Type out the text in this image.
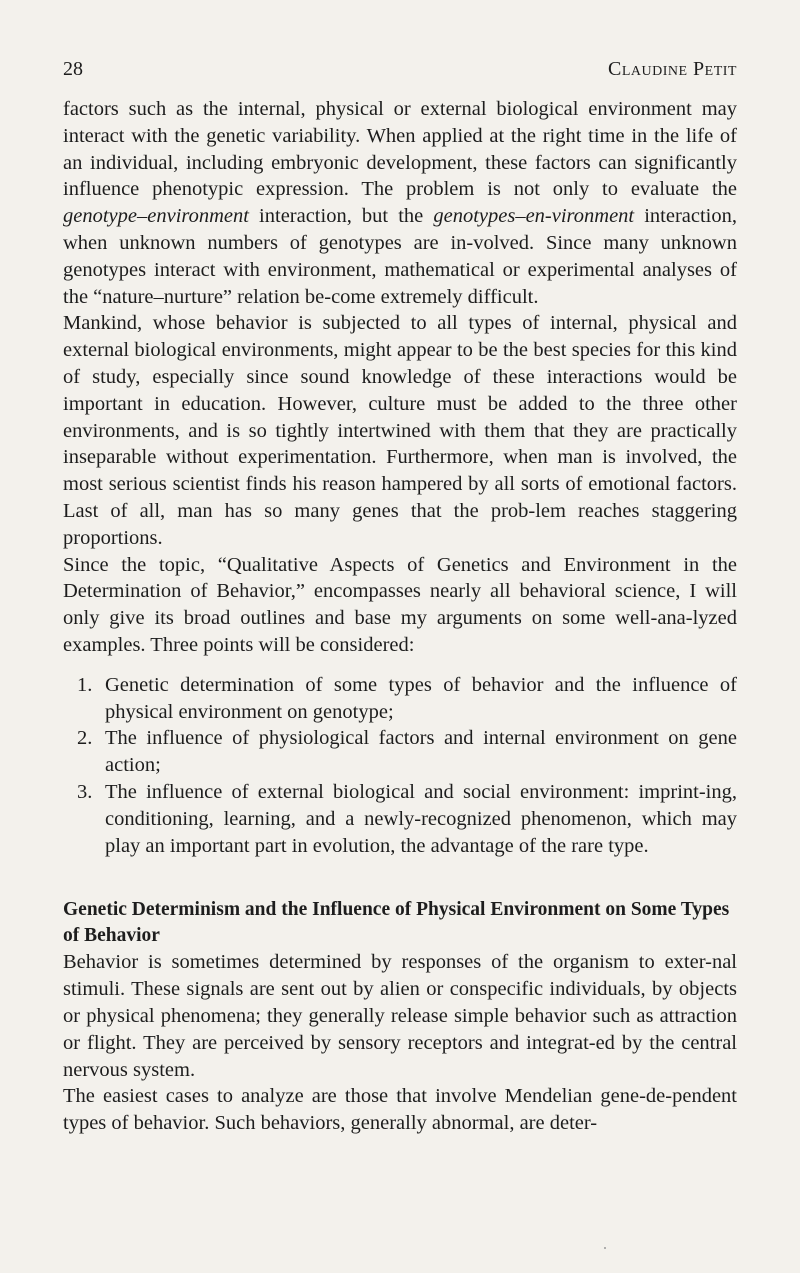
28	Claudine Petit

factors such as the internal, physical or external biological environment may interact with the genetic variability. When applied at the right time in the life of an individual, including embryonic development, these factors can significantly influence phenotypic expression. The problem is not only to evaluate the genotype–environment interaction, but the genotypes–en-vironment interaction, when unknown numbers of genotypes are in-volved. Since many unknown genotypes interact with environment, mathematical or experimental analyses of the “nature–nurture” relation be-come extremely difficult.

Mankind, whose behavior is subjected to all types of internal, physical and external biological environments, might appear to be the best species for this kind of study, especially since sound knowledge of these interactions would be important in education. However, culture must be added to the three other environments, and is so tightly intertwined with them that they are practically inseparable without experimentation. Furthermore, when man is involved, the most serious scientist finds his reason hampered by all sorts of emotional factors. Last of all, man has so many genes that the prob-lem reaches staggering proportions.

Since the topic, “Qualitative Aspects of Genetics and Environment in the Determination of Behavior,” encompasses nearly all behavioral science, I will only give its broad outlines and base my arguments on some well-ana-lyzed examples. Three points will be considered:

1. Genetic determination of some types of behavior and the influence of physical environment on genotype;
2. The influence of physiological factors and internal environment on gene action;
3. The influence of external biological and social environment: imprint-ing, conditioning, learning, and a newly-recognized phenomenon, which may play an important part in evolution, the advantage of the rare type.
Genetic Determinism and the Influence of Physical Environment on Some Types of Behavior

Behavior is sometimes determined by responses of the organism to exter-nal stimuli. These signals are sent out by alien or conspecific individuals, by objects or physical phenomena; they generally release simple behavior such as attraction or flight. They are perceived by sensory receptors and integrat-ed by the central nervous system.

The easiest cases to analyze are those that involve Mendelian gene-de-pendent types of behavior. Such behaviors, generally abnormal, are deter-
